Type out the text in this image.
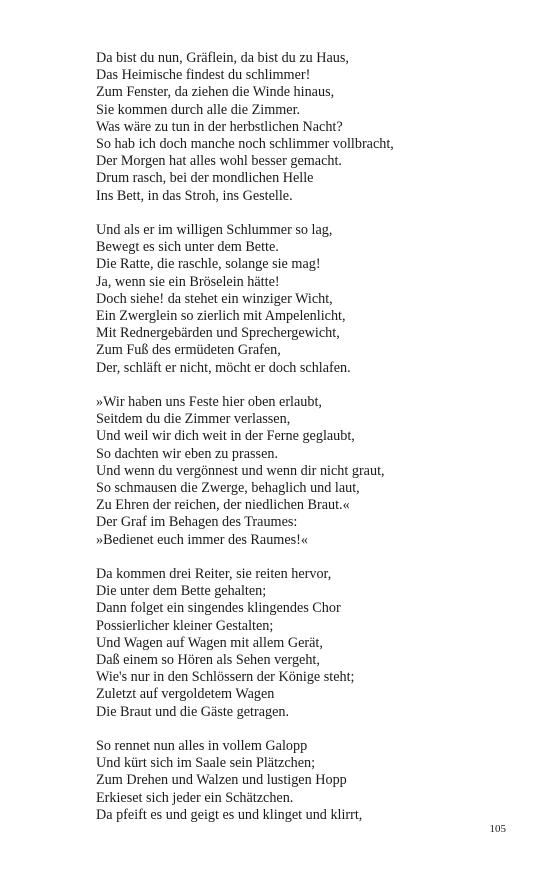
Da bist du nun, Gräflein, da bist du zu Haus,
Das Heimische findest du schlimmer!
Zum Fenster, da ziehen die Winde hinaus,
Sie kommen durch alle die Zimmer.
Was wäre zu tun in der herbstlichen Nacht?
So hab ich doch manche noch schlimmer vollbracht,
Der Morgen hat alles wohl besser gemacht.
Drum rasch, bei der mondlichen Helle
Ins Bett, in das Stroh, ins Gestelle.
Und als er im willigen Schlummer so lag,
Bewegt es sich unter dem Bette.
Die Ratte, die raschle, solange sie mag!
Ja, wenn sie ein Bröselein hätte!
Doch siehe! da stehet ein winziger Wicht,
Ein Zwerglein so zierlich mit Ampelenlicht,
Mit Rednergebärden und Sprechergewicht,
Zum Fuß des ermüdeten Grafen,
Der, schläft er nicht, möcht er doch schlafen.
»Wir haben uns Feste hier oben erlaubt,
Seitdem du die Zimmer verlassen,
Und weil wir dich weit in der Ferne geglaubt,
So dachten wir eben zu prassen.
Und wenn du vergönnest und wenn dir nicht graut,
So schmausen die Zwerge, behaglich und laut,
Zu Ehren der reichen, der niedlichen Braut.«
Der Graf im Behagen des Traumes:
»Bedienet euch immer des Raumes!«
Da kommen drei Reiter, sie reiten hervor,
Die unter dem Bette gehalten;
Dann folget ein singendes klingendes Chor
Possierlicher kleiner Gestalten;
Und Wagen auf Wagen mit allem Gerät,
Daß einem so Hören als Sehen vergeht,
Wie's nur in den Schlössern der Könige steht;
Zuletzt auf vergoldetem Wagen
Die Braut und die Gäste getragen.
So rennet nun alles in vollem Galopp
Und kürt sich im Saale sein Plätzchen;
Zum Drehen und Walzen und lustigen Hopp
Erkieset sich jeder ein Schätzchen.
Da pfeift es und geigt es und klinget und klirrt,
105
